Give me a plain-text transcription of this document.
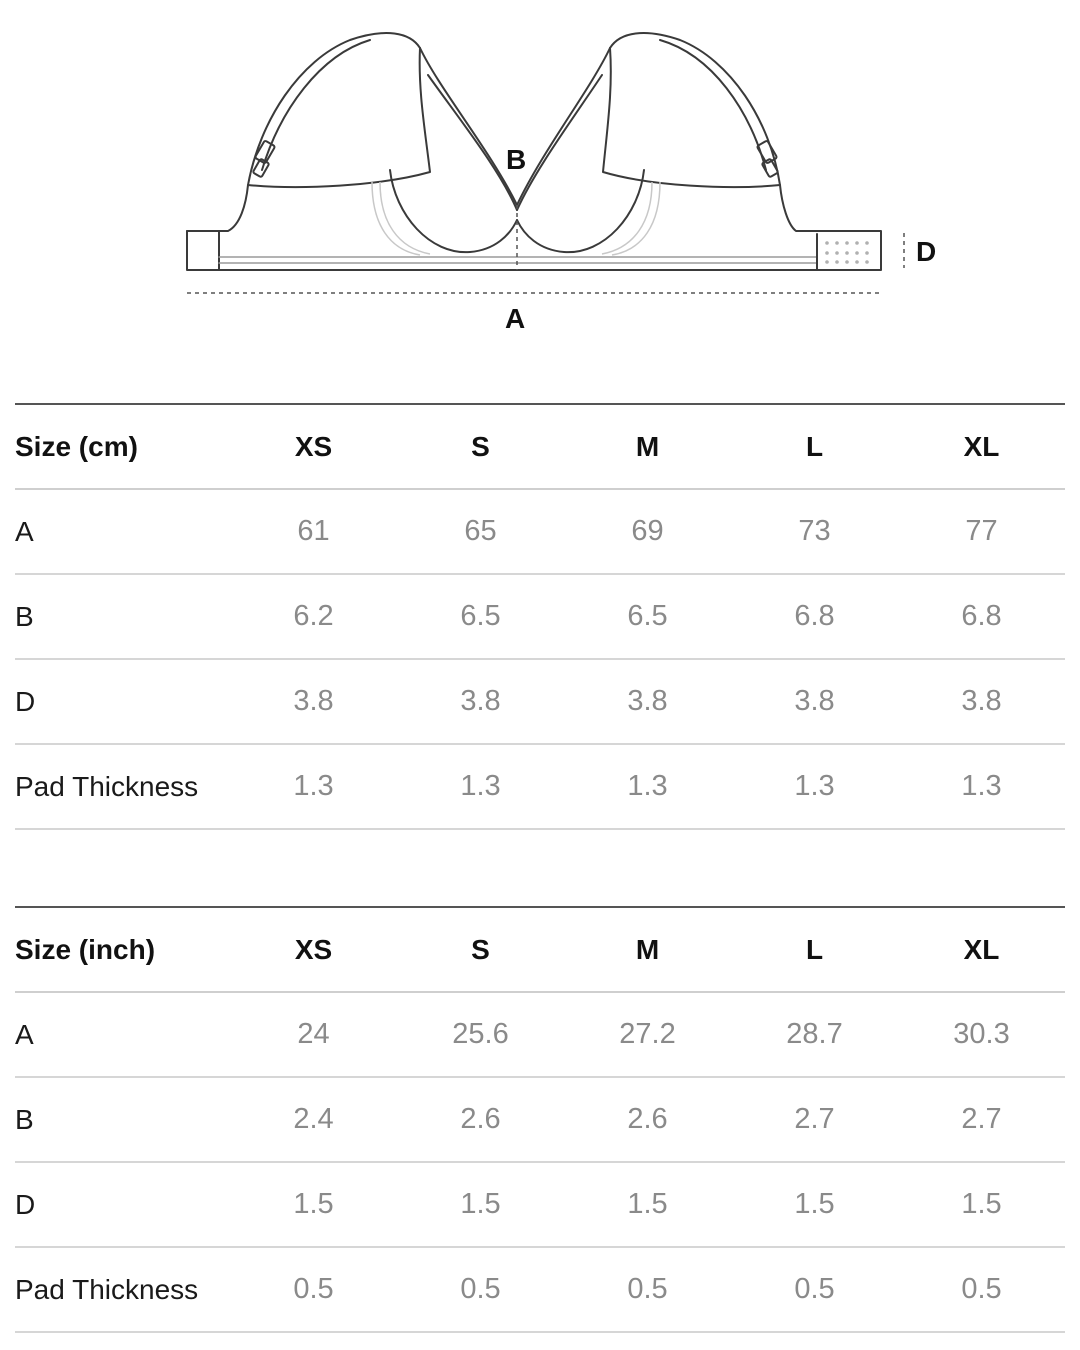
B
D
A
Size (cm)	XS	S	M	L	XL
A	61	65	69	73	77
B	6.2	6.5	6.5	6.8	6.8
D	3.8	3.8	3.8	3.8	3.8
Pad Thickness	1.3	1.3	1.3	1.3	1.3
Size (inch)	XS	S	M	L	XL
A	24	25.6	27.2	28.7	30.3
B	2.4	2.6	2.6	2.7	2.7
D	1.5	1.5	1.5	1.5	1.5
Pad Thickness	0.5	0.5	0.5	0.5	0.5
